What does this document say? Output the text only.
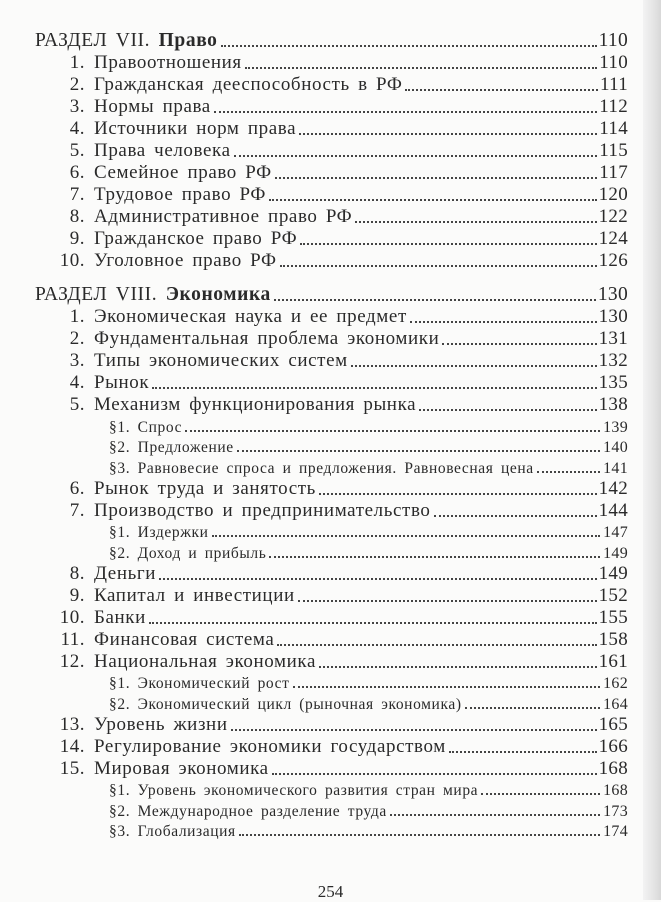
РАЗДЕЛ VII. Право	110
1. Правоотношения	110
2. Гражданская дееспособность в РФ	111
3. Нормы права	112
4. Источники норм права	114
5. Права человека	115
6. Семейное право РФ	117
7. Трудовое право РФ	120
8. Административное право РФ	122
9. Гражданское право РФ	124
10. Уголовное право РФ	126
РАЗДЕЛ VIII. Экономика	130
1. Экономическая наука и ее предмет	130
2. Фундаментальная проблема экономики	131
3. Типы экономических систем	132
4. Рынок	135
5. Механизм функционирования рынка	138
§1. Спрос	139
§2. Предложение	140
§3. Равновесие спроса и предложения. Равновесная цена	141
6. Рынок труда и занятость	142
7. Производство и предпринимательство	144
§1. Издержки	147
§2. Доход и прибыль	149
8. Деньги	149
9. Капитал и инвестиции	152
10. Банки	155
11. Финансовая система	158
12. Национальная экономика	161
§1. Экономический рост	162
§2. Экономический цикл (рыночная экономика)	164
13. Уровень жизни	165
14. Регулирование экономики государством	166
15. Мировая экономика	168
§1. Уровень экономического развития стран мира	168
§2. Международное разделение труда	173
§3. Глобализация	174
254
